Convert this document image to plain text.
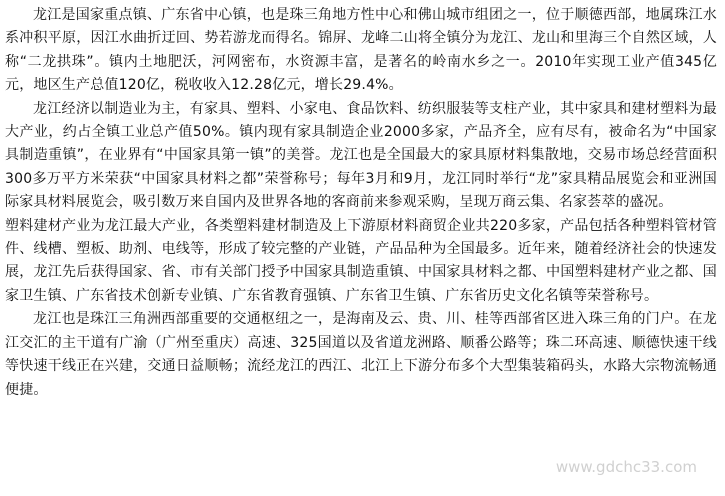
龙江是国家重点镇、广东省中心镇，也是珠三角地方性中心和佛山城市组团之一，位于顺德西部，地属珠江水系冲积平原，因江水曲折迂回、势若游龙而得名。锦屏、龙峰二山将全镇分为龙江、龙山和里海三个自然区域，人称“二龙拱珠”。镇内土地肥沃，河网密布，水资源丰富，是著名的岭南水乡之一。2010年实现工业产值345亿元，地区生产总值120亿，税收收入12.28亿元，增长29.4%。

龙江经济以制造业为主，有家具、塑料、小家电、食品饮料、纺织服装等支柱产业，其中家具和建材塑料为最大产业，约占全镇工业总产值50%。镇内现有家具制造企业2000多家，产品齐全，应有尽有，被命名为“中国家具制造重镇”，在业界有“中国家具第一镇”的美誉。龙江也是全国最大的家具原材料集散地，交易市场总经营面积300多万平方米荣获“中国家具材料之都”荣誉称号；每年3月和9月，龙江同时举行“龙”家具精品展览会和亚洲国际家具材料展览会，吸引数万来自国内及世界各地的客商前来参观采购，呈现万商云集、名家荟萃的盛况。

塑料建材产业为龙江最大产业，各类塑料建材制造及上下游原材料商贸企业共220多家，产品包括各种塑料管材管件、线槽、塑板、助剂、电线等，形成了较完整的产业链，产品品种为全国最多。近年来，随着经济社会的快速发展，龙江先后获得国家、省、市有关部门授予中国家具制造重镇、中国家具材料之都、中国塑料建材产业之都、国家卫生镇、广东省技术创新专业镇、广东省教育强镇、广东省卫生镇、广东省历史文化名镇等荣誉称号。

龙江也是珠江三角洲西部重要的交通枢纽之一，是海南及云、贵、川、桂等西部省区进入珠三角的门户。在龙江交汇的主干道有广渝（广州至重庆）高速、325国道以及省道龙洲路、顺番公路等；珠二环高速、顺德快速干线等快速干线正在兴建，交通日益顺畅；流经龙江的西江、北江上下游分布多个大型集装箱码头，水路大宗物流畅通便捷。

www.gdchc33.com
